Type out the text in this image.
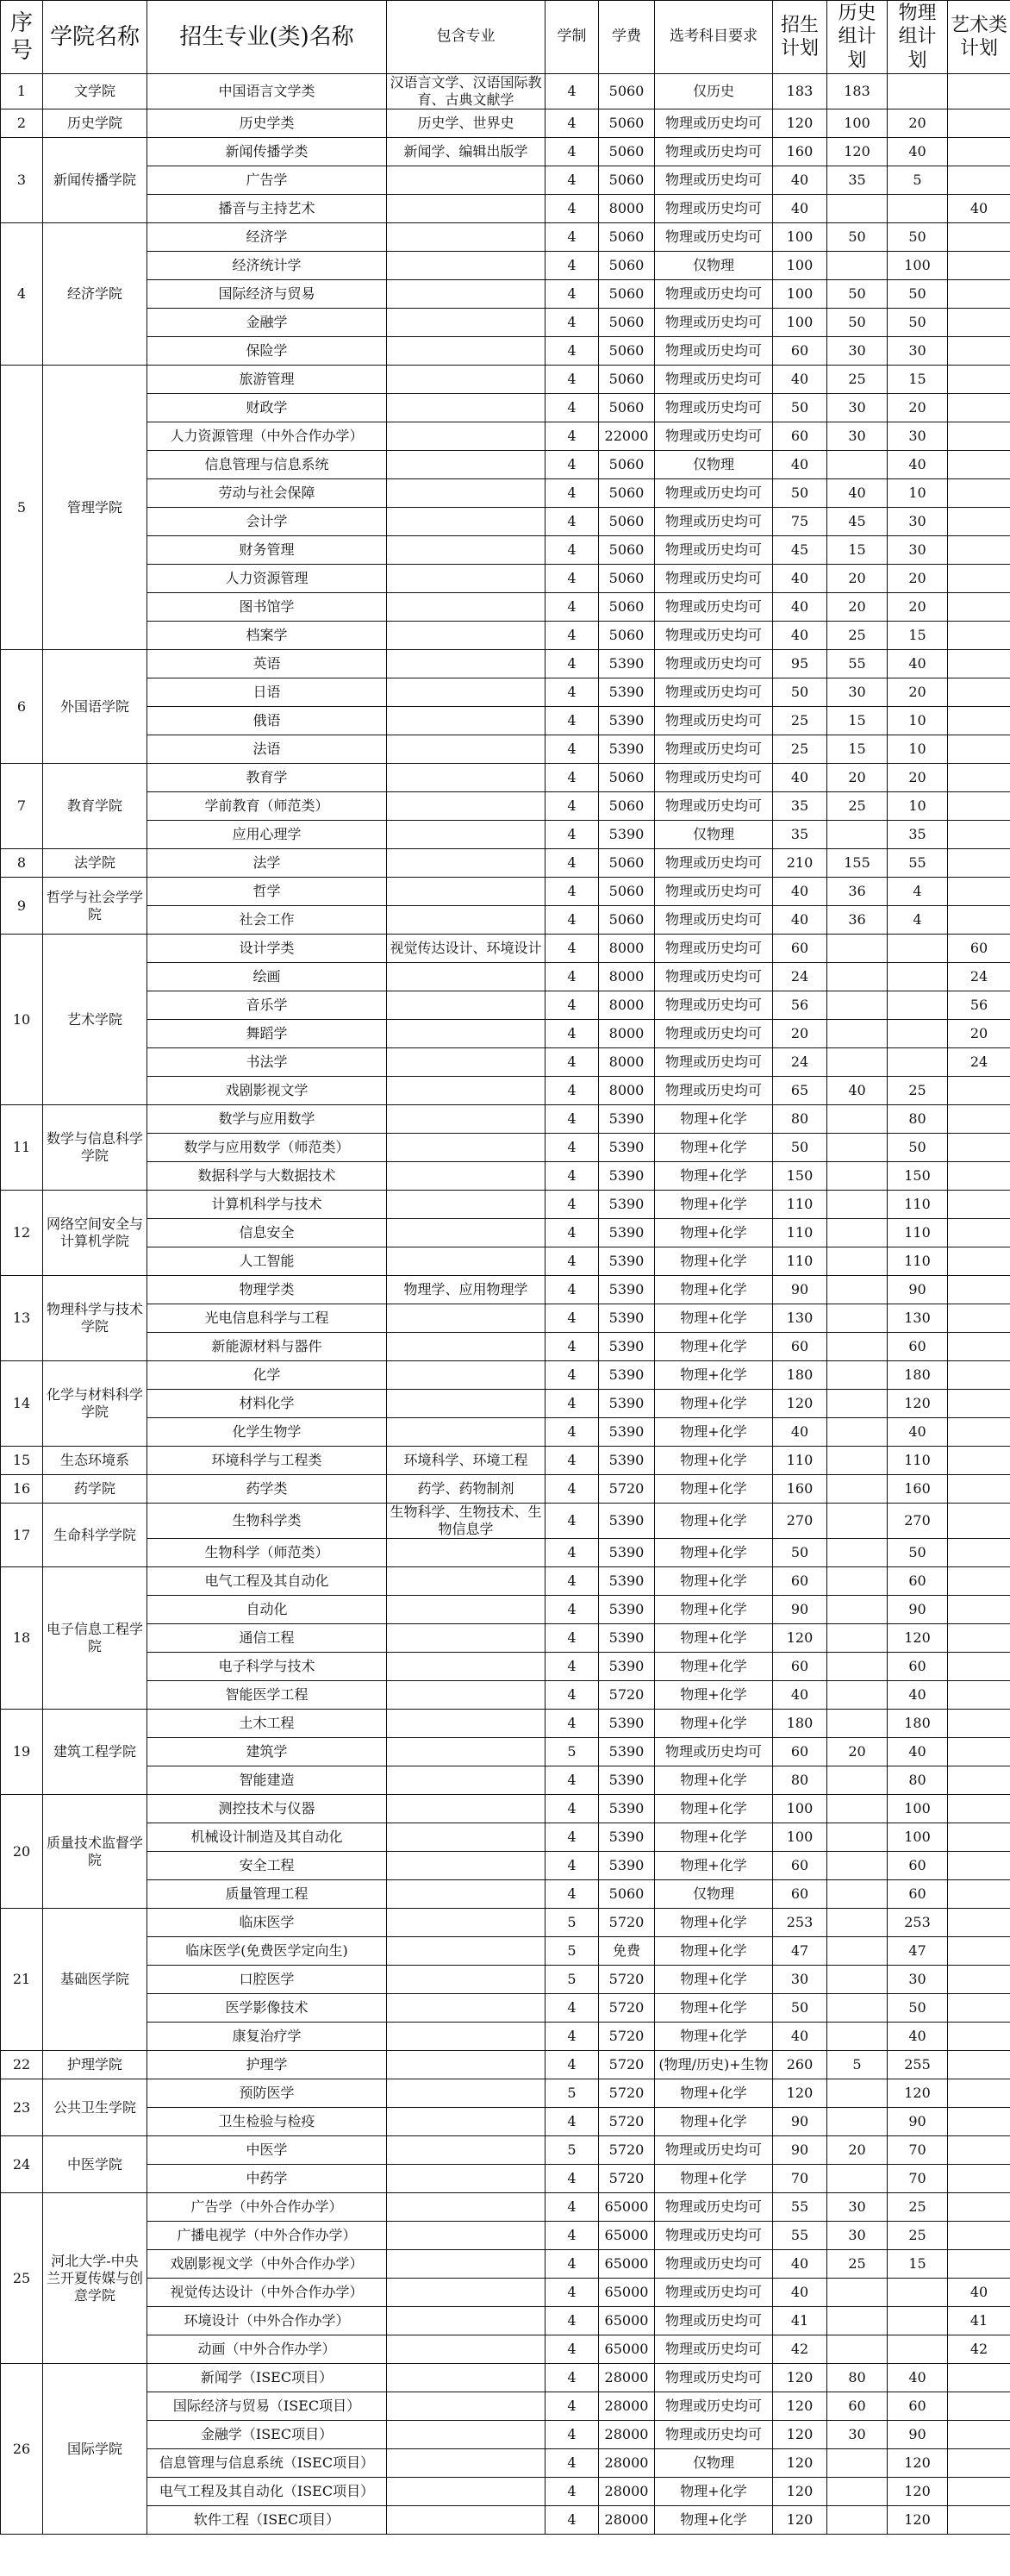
序号	学院名称	招生专业(类)名称	包含专业	学制	学费	选考科目要求	招生计划	历史组计划	物理组计划	艺术类计划
1	文学院	中国语言文学类	汉语言文学、汉语国际教育、古典文献学	4	5060	仅历史	183	183		
2	历史学院	历史学类	历史学、世界史	4	5060	物理或历史均可	120	100	20	
3	新闻传播学院	新闻传播学类	新闻学、编辑出版学	4	5060	物理或历史均可	160	120	40	
		广告学		4	5060	物理或历史均可	40	35	5	
		播音与主持艺术		4	8000	物理或历史均可	40			40
4	经济学院	经济学		4	5060	物理或历史均可	100	50	50	
		经济统计学		4	5060	仅物理	100		100	
		国际经济与贸易		4	5060	物理或历史均可	100	50	50	
		金融学		4	5060	物理或历史均可	100	50	50	
		保险学		4	5060	物理或历史均可	60	30	30	
5	管理学院	旅游管理		4	5060	物理或历史均可	40	25	15	
		财政学		4	5060	物理或历史均可	50	30	20	
		人力资源管理（中外合作办学）		4	22000	物理或历史均可	60	30	30	
		信息管理与信息系统		4	5060	仅物理	40		40	
		劳动与社会保障		4	5060	物理或历史均可	50	40	10	
		会计学		4	5060	物理或历史均可	75	45	30	
		财务管理		4	5060	物理或历史均可	45	15	30	
		人力资源管理		4	5060	物理或历史均可	40	20	20	
		图书馆学		4	5060	物理或历史均可	40	20	20	
		档案学		4	5060	物理或历史均可	40	25	15	
6	外国语学院	英语		4	5390	物理或历史均可	95	55	40	
		日语		4	5390	物理或历史均可	50	30	20	
		俄语		4	5390	物理或历史均可	25	15	10	
		法语		4	5390	物理或历史均可	25	15	10	
7	教育学院	教育学		4	5060	物理或历史均可	40	20	20	
		学前教育（师范类）		4	5060	物理或历史均可	35	25	10	
		应用心理学		4	5390	仅物理	35		35	
8	法学院	法学		4	5060	物理或历史均可	210	155	55	
9	哲学与社会学学院	哲学		4	5060	物理或历史均可	40	36	4	
		社会工作		4	5060	物理或历史均可	40	36	4	
10	艺术学院	设计学类	视觉传达设计、环境设计	4	8000	物理或历史均可	60			60
		绘画		4	8000	物理或历史均可	24			24
		音乐学		4	8000	物理或历史均可	56			56
		舞蹈学		4	8000	物理或历史均可	20			20
		书法学		4	8000	物理或历史均可	24			24
		戏剧影视文学		4	8000	物理或历史均可	65	40	25	
11	数学与信息科学学院	数学与应用数学		4	5390	物理+化学	80		80	
		数学与应用数学（师范类）		4	5390	物理+化学	50		50	
		数据科学与大数据技术		4	5390	物理+化学	150		150	
12	网络空间安全与计算机学院	计算机科学与技术		4	5390	物理+化学	110		110	
		信息安全		4	5390	物理+化学	110		110	
		人工智能		4	5390	物理+化学	110		110	
13	物理科学与技术学院	物理学类	物理学、应用物理学	4	5390	物理+化学	90		90	
		光电信息科学与工程		4	5390	物理+化学	130		130	
		新能源材料与器件		4	5390	物理+化学	60		60	
14	化学与材料科学学院	化学		4	5390	物理+化学	180		180	
		材料化学		4	5390	物理+化学	120		120	
		化学生物学		4	5390	物理+化学	40		40	
15	生态环境系	环境科学与工程类	环境科学、环境工程	4	5390	物理+化学	110		110	
16	药学院	药学类	药学、药物制剂	4	5720	物理+化学	160		160	
17	生命科学学院	生物科学类	生物科学、生物技术、生物信息学	4	5390	物理+化学	270		270	
		生物科学（师范类）		4	5390	物理+化学	50		50	
18	电子信息工程学院	电气工程及其自动化		4	5390	物理+化学	60		60	
		自动化		4	5390	物理+化学	90		90	
		通信工程		4	5390	物理+化学	120		120	
		电子科学与技术		4	5390	物理+化学	60		60	
		智能医学工程		4	5720	物理+化学	40		40	
19	建筑工程学院	土木工程		4	5390	物理+化学	180		180	
		建筑学		5	5390	物理或历史均可	60	20	40	
		智能建造		4	5390	物理+化学	80		80	
20	质量技术监督学院	测控技术与仪器		4	5390	物理+化学	100		100	
		机械设计制造及其自动化		4	5390	物理+化学	100		100	
		安全工程		4	5390	物理+化学	60		60	
		质量管理工程		4	5060	仅物理	60		60	
21	基础医学院	临床医学		5	5720	物理+化学	253		253	
		临床医学(免费医学定向生)		5	免费	物理+化学	47		47	
		口腔医学		5	5720	物理+化学	30		30	
		医学影像技术		4	5720	物理+化学	50		50	
		康复治疗学		4	5720	物理+化学	40		40	
22	护理学院	护理学		4	5720	(物理/历史)+生物	260	5	255	
23	公共卫生学院	预防医学		5	5720	物理+化学	120		120	
		卫生检验与检疫		4	5720	物理+化学	90		90	
24	中医学院	中医学		5	5720	物理或历史均可	90	20	70	
		中药学		4	5720	物理+化学	70		70	
25	河北大学-中央兰开夏传媒与创意学院	广告学（中外合作办学）		4	65000	物理或历史均可	55	30	25	
		广播电视学（中外合作办学）		4	65000	物理或历史均可	55	30	25	
		戏剧影视文学（中外合作办学）		4	65000	物理或历史均可	40	25	15	
		视觉传达设计（中外合作办学）		4	65000	物理或历史均可	40			40
		环境设计（中外合作办学）		4	65000	物理或历史均可	41			41
		动画（中外合作办学）		4	65000	物理或历史均可	42			42
26	国际学院	新闻学（ISEC项目）		4	28000	物理或历史均可	120	80	40	
		国际经济与贸易（ISEC项目）		4	28000	物理或历史均可	120	60	60	
		金融学（ISEC项目）		4	28000	物理或历史均可	120	30	90	
		信息管理与信息系统（ISEC项目）		4	28000	仅物理	120		120	
		电气工程及其自动化（ISEC项目）		4	28000	物理+化学	120		120	
		软件工程（ISEC项目）		4	28000	物理+化学	120		120	
